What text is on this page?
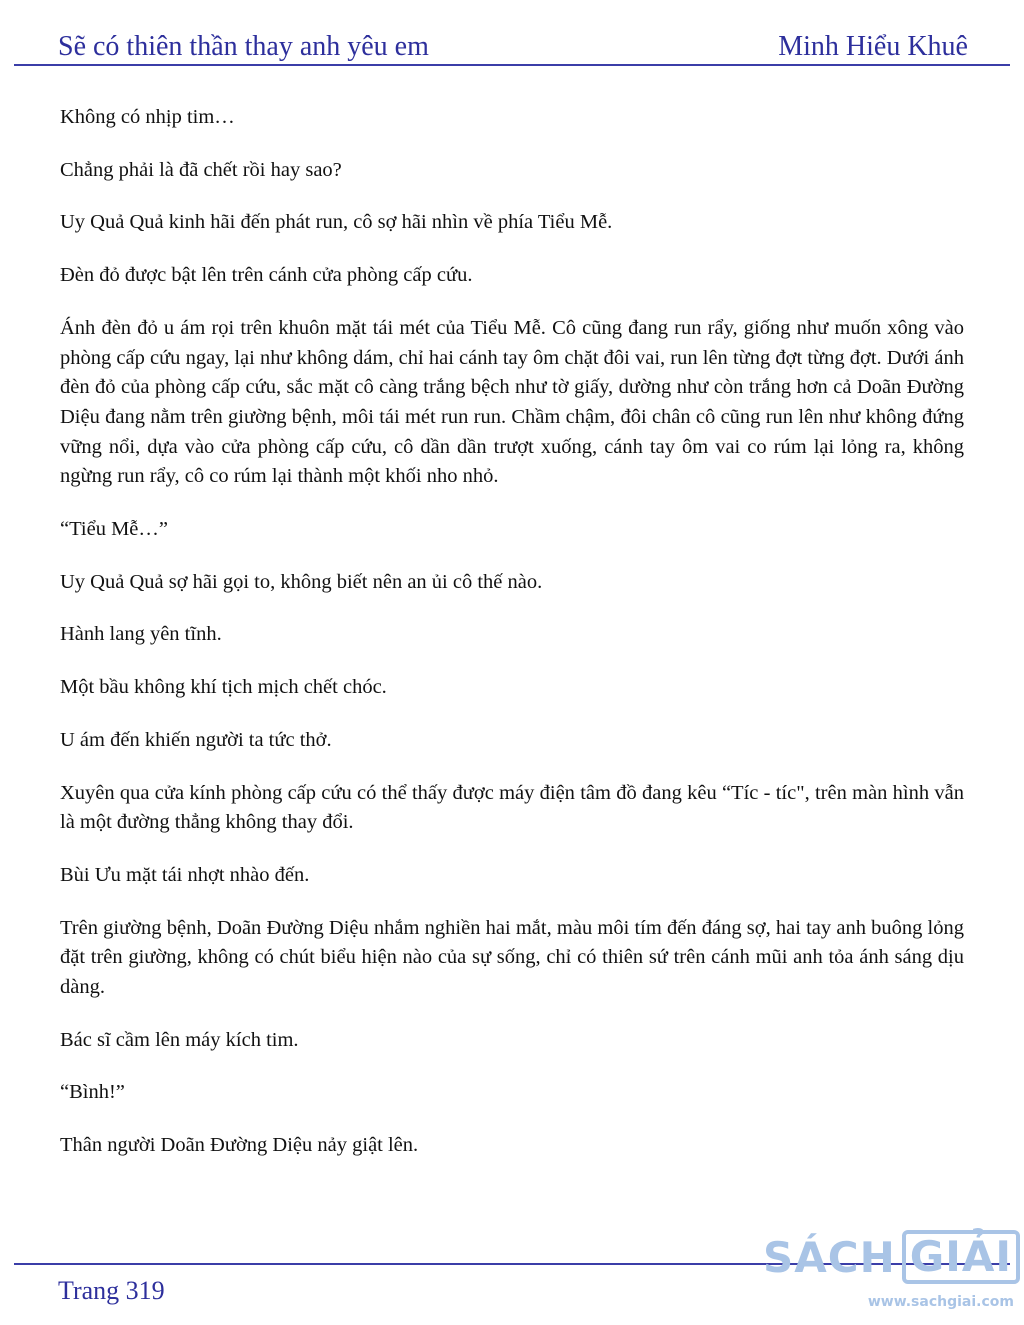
Sẽ có thiên thần thay anh yêu em	Minh Hiểu Khuê

Không có nhịp tim…

Chẳng phải là đã chết rồi hay sao?

Uy Quả Quả kinh hãi đến phát run, cô sợ hãi nhìn về phía Tiểu Mễ.

Đèn đỏ được bật lên trên cánh cửa phòng cấp cứu.

Ánh đèn đỏ u ám rọi trên khuôn mặt tái mét của Tiểu Mễ. Cô cũng đang run rẩy, giống như muốn xông vào phòng cấp cứu ngay, lại như không dám, chỉ hai cánh tay ôm chặt đôi vai, run lên từng đợt từng đợt. Dưới ánh đèn đỏ của phòng cấp cứu, sắc mặt cô càng trắng bệch như tờ giấy, dường như còn trắng hơn cả Doãn Đường Diệu đang nằm trên giường bệnh, môi tái mét run run. Chầm chậm, đôi chân cô cũng run lên như không đứng vững nổi, dựa vào cửa phòng cấp cứu, cô dần dần trượt xuống, cánh tay ôm vai co rúm lại lỏng ra, không ngừng run rẩy, cô co rúm lại thành một khối nho nhỏ.

“Tiểu Mễ…”

Uy Quả Quả sợ hãi gọi to, không biết nên an ủi cô thế nào.

Hành lang yên tĩnh.

Một bầu không khí tịch mịch chết chóc.

U ám đến khiến người ta tức thở.

Xuyên qua cửa kính phòng cấp cứu có thể thấy được máy điện tâm đồ đang kêu “Tíc - tíc", trên màn hình vẫn là một đường thẳng không thay đổi.

Bùi Ưu mặt tái nhợt nhào đến.

Trên giường bệnh, Doãn Đường Diệu nhắm nghiền hai mắt, màu môi tím đến đáng sợ, hai tay anh buông lỏng đặt trên giường, không có chút biểu hiện nào của sự sống, chỉ có thiên sứ trên cánh mũi anh tỏa ánh sáng dịu dàng.

Bác sĩ cầm lên máy kích tim.

“Bình!”

Thân người Doãn Đường Diệu nảy giật lên.

Trang 319
SÁCH GIẢI
www.sachgiai.com
